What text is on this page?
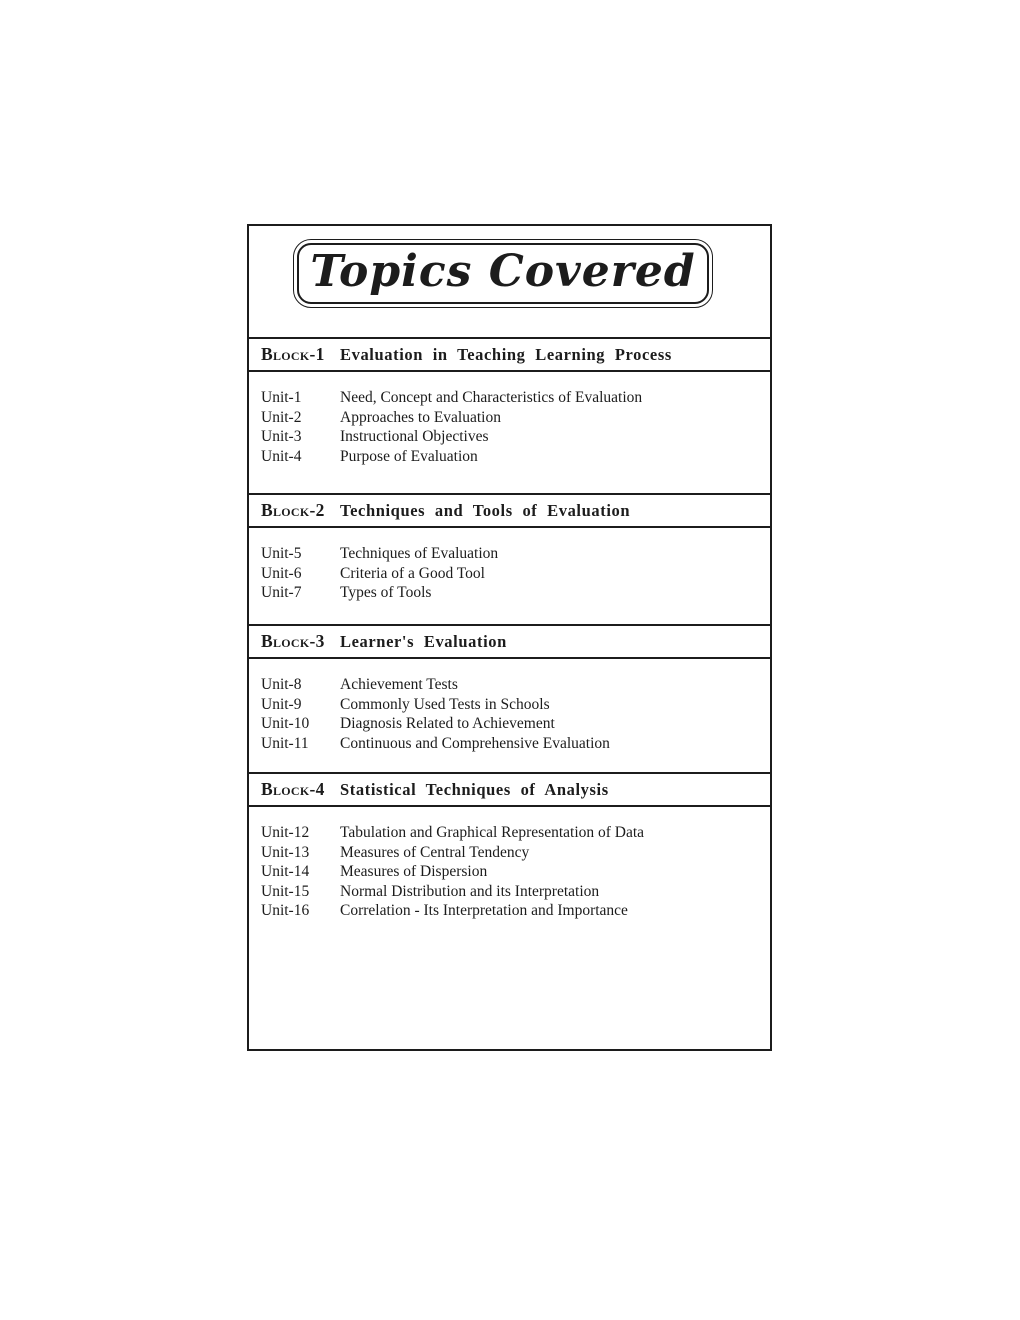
Topics Covered
Block-1 Evaluation in Teaching Learning Process
Unit-1	Need, Concept and Characteristics of Evaluation
Unit-2	Approaches to Evaluation
Unit-3	Instructional Objectives
Unit-4	Purpose of Evaluation
Block-2 Techniques and Tools of Evaluation
Unit-5	Techniques of Evaluation
Unit-6	Criteria of a Good Tool
Unit-7	Types of Tools
Block-3 Learner's Evaluation
Unit-8	Achievement Tests
Unit-9	Commonly Used Tests in Schools
Unit-10	Diagnosis Related to Achievement
Unit-11	Continuous and Comprehensive Evaluation
Block-4 Statistical Techniques of Analysis
Unit-12	Tabulation and Graphical Representation of Data
Unit-13	Measures of Central Tendency
Unit-14	Measures of Dispersion
Unit-15	Normal Distribution and its Interpretation
Unit-16	Correlation - Its Interpretation and Importance
